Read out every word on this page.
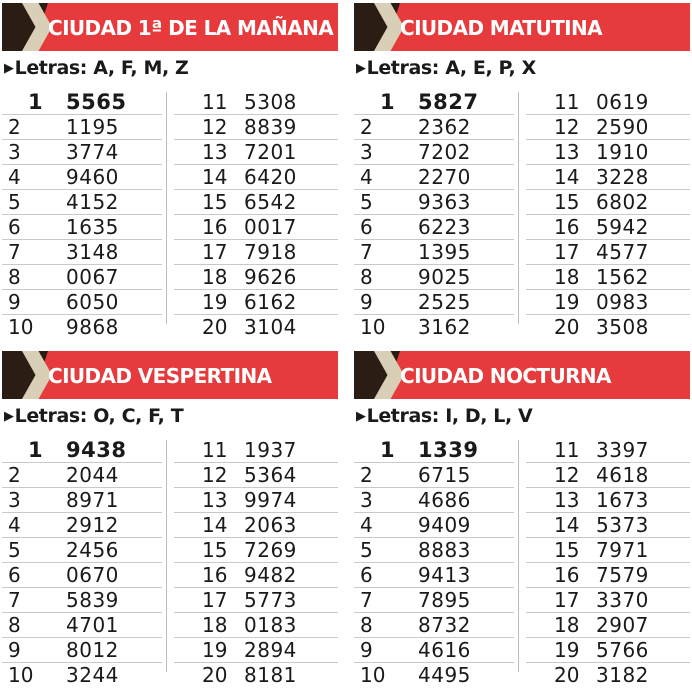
CIUDAD 1ª DE LA MAÑANA
▶Letras: A, F, M, Z
1 5565
2 1195
3 3774
4 9460
5 4152
6 1635
7 3148
8 0067
9 6050
10 9868
11 5308
12 8839
13 7201
14 6420
15 6542
16 0017
17 7918
18 9626
19 6162
20 3104
CIUDAD MATUTINA
▶Letras: A, E, P, X
1 5827
2 2362
3 7202
4 2270
5 9363
6 6223
7 1395
8 9025
9 2525
10 3162
11 0619
12 2590
13 1910
14 3228
15 6802
16 5942
17 4577
18 1562
19 0983
20 3508
CIUDAD VESPERTINA
▶Letras: O, C, F, T
1 9438
2 2044
3 8971
4 2912
5 2456
6 0670
7 5839
8 4701
9 8012
10 3244
11 1937
12 5364
13 9974
14 2063
15 7269
16 9482
17 5773
18 0183
19 2894
20 8181
CIUDAD NOCTURNA
▶Letras: I, D, L, V
1 1339
2 6715
3 4686
4 9409
5 8883
6 9413
7 7895
8 8732
9 4616
10 4495
11 3397
12 4618
13 1673
14 5373
15 7971
16 7579
17 3370
18 2907
19 5766
20 3182
